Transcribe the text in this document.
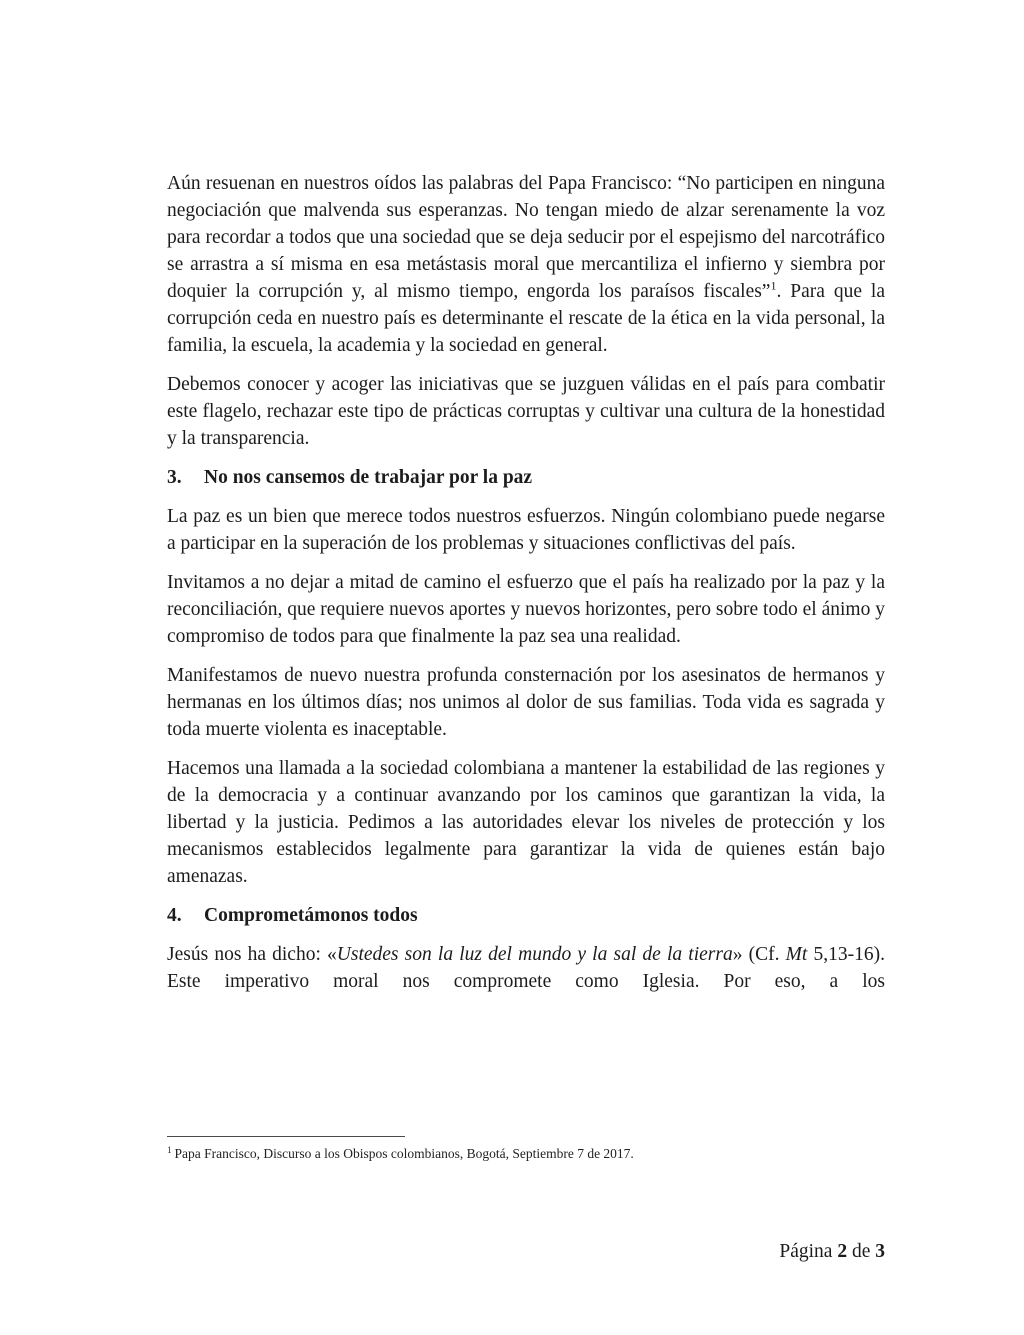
Aún resuenan en nuestros oídos las palabras del Papa Francisco: “No participen en ninguna negociación que malvenda sus esperanzas. No tengan miedo de alzar serenamente la voz para recordar a todos que una sociedad que se deja seducir por el espejismo del narcotráfico se arrastra a sí misma en esa metástasis moral que mercantiliza el infierno y siembra por doquier la corrupción y, al mismo tiempo, engorda los paraísos fiscales”$^1$. Para que la corrupción ceda en nuestro país es determinante el rescate de la ética en la vida personal, la familia, la escuela, la academia y la sociedad en general.

Debemos conocer y acoger las iniciativas que se juzguen válidas en el país para combatir este flagelo, rechazar este tipo de prácticas corruptas y cultivar una cultura de la honestidad y la transparencia.

3. No nos cansemos de trabajar por la paz

La paz es un bien que merece todos nuestros esfuerzos. Ningún colombiano puede negarse a participar en la superación de los problemas y situaciones conflictivas del país.

Invitamos a no dejar a mitad de camino el esfuerzo que el país ha realizado por la paz y la reconciliación, que requiere nuevos aportes y nuevos horizontes, pero sobre todo el ánimo y compromiso de todos para que finalmente la paz sea una realidad.

Manifestamos de nuevo nuestra profunda consternación por los asesinatos de hermanos y hermanas en los últimos días; nos unimos al dolor de sus familias. Toda vida es sagrada y toda muerte violenta es inaceptable.

Hacemos una llamada a la sociedad colombiana a mantener la estabilidad de las regiones y de la democracia y a continuar avanzando por los caminos que garantizan la vida, la libertad y la justicia. Pedimos a las autoridades elevar los niveles de protección y los mecanismos establecidos legalmente para garantizar la vida de quienes están bajo amenazas.

4. Comprometámonos todos

Jesús nos ha dicho: «Ustedes son la luz del mundo y la sal de la tierra» (Cf. Mt 5,13-16). Este imperativo moral nos compromete como Iglesia. Por eso, a los

$^1$ Papa Francisco, Discurso a los Obispos colombianos, Bogotá, Septiembre 7 de 2017.
Página 2 de 3
